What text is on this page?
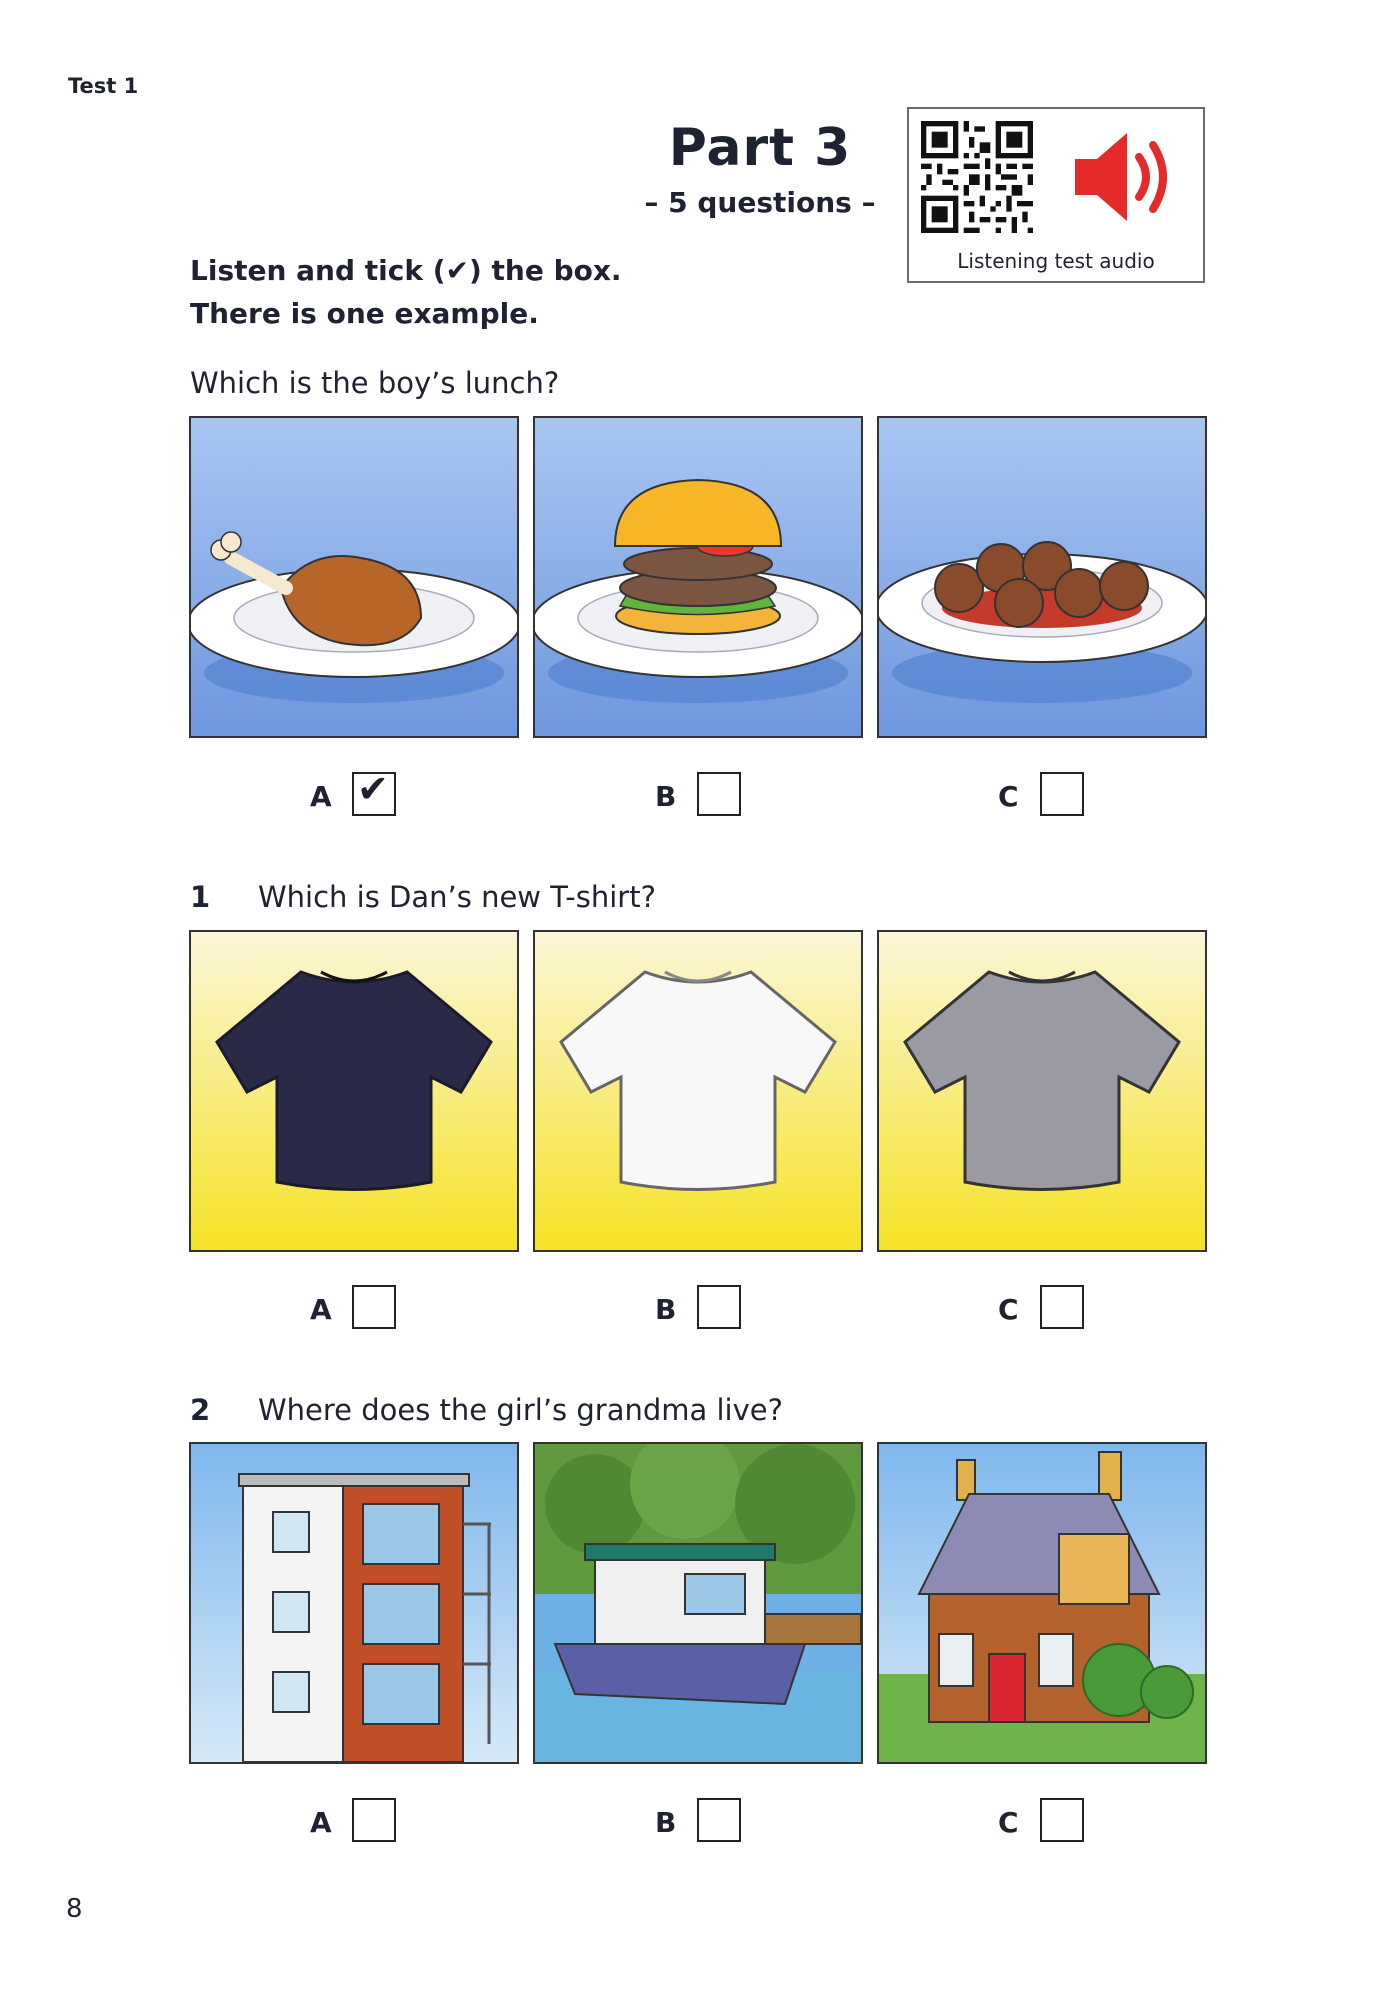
Test 1
Part 3
– 5 questions –
Listening test audio
Listen and tick (✔) the box.
There is one example.
Which is the boy’s lunch?
A ✔	B	C
1 Which is Dan’s new T-shirt?
A	B	C
2 Where does the girl’s grandma live?
A	B	C
8
